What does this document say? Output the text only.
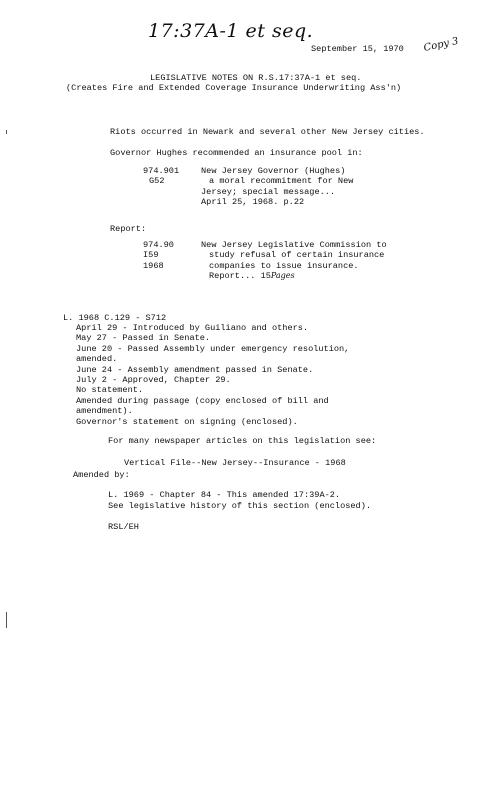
17:37A-1 et seq.
September 15, 1970 Copy 3
LEGISLATIVE NOTES ON R.S.17:37A-1 et seq.
(Creates Fire and Extended Coverage Insurance Underwriting Ass'n)
Riots occurred in Newark and several other New Jersey cities.
Governor Hughes recommended an insurance pool in:
974.901
G52
New Jersey Governor (Hughes)
a moral recommitment for New
Jersey; special message...
April 25, 1968. p.22
Report:
974.90
I59
1968
New Jersey Legislative Commission to
study refusal of certain insurance
companies to issue insurance.
Report... 15Pages
L. 1968 C.129 - S712
April 29 - Introduced by Guiliano and others.
May 27 - Passed in Senate.
June 20 - Passed Assembly under emergency resolution,
amended.
June 24 - Assembly amendment passed in Senate.
July 2 - Approved, Chapter 29.
No statement.
Amended during passage (copy enclosed of bill and
amendment).
Governor's statement on signing (enclosed).
For many newspaper articles on this legislation see:
Vertical File--New Jersey--Insurance - 1968
Amended by:
L. 1969 - Chapter 84 - This amended 17:39A-2.
See legislative history of this section (enclosed).
RSL/EH
